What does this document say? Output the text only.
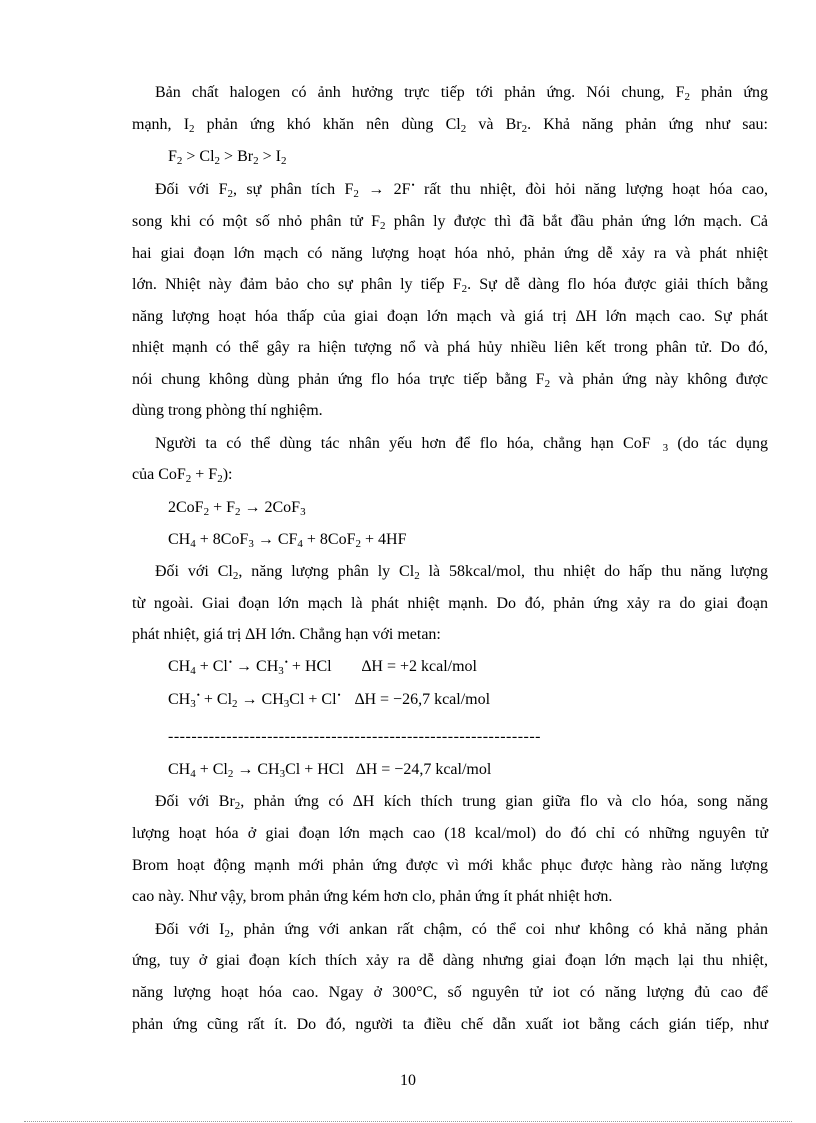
Bản chất halogen có ảnh hưởng trực tiếp tới phản ứng. Nói chung, $F_2$ phản ứng
mạnh, $I_2$ phản ứng khó khăn nên dùng $Cl_2$ và $Br_2$. Khả năng phản ứng như sau:
$F_2 > Cl_2 > Br_2 > I_2$
Đối với $F_2$, sự phân tích $F_2 \to 2F^•$ rất thu nhiệt, đòi hỏi năng lượng hoạt hóa cao,
song khi có một số nhỏ phân tử $F_2$ phân ly được thì đã bắt đầu phản ứng lớn mạch. Cả
hai giai đoạn lớn mạch có năng lượng hoạt hóa nhỏ, phản ứng dễ xảy ra và phát nhiệt
lớn. Nhiệt này đảm bảo cho sự phân ly tiếp $F_2$. Sự dễ dàng flo hóa được giải thích bằng
năng lượng hoạt hóa thấp của giai đoạn lớn mạch và giá trị ∆H lớn mạch cao. Sự phát
nhiệt mạnh có thể gây ra hiện tượng nổ và phá hủy nhiều liên kết trong phân tử. Do đó,
nói chung không dùng phản ứng flo hóa trực tiếp bằng $F_2$ và phản ứng này không được
dùng trong phòng thí nghiệm.
Người ta có thể dùng tác nhân yếu hơn để flo hóa, chẳng hạn CoF $_3$ (do tác dụng
của $CoF_2 + F_2$):
$2CoF_2 + F_2 \to 2CoF_3$
$CH_4 + 8CoF_3 \to CF_4 + 8CoF_2 + 4HF$
Đối với $Cl_2$, năng lượng phân ly $Cl_2$ là 58kcal/mol, thu nhiệt do hấp thu năng lượng
từ ngoài. Giai đoạn lớn mạch là phát nhiệt mạnh. Do đó, phản ứng xảy ra do giai đoạn
phát nhiệt, giá trị ∆H lớn. Chẳng hạn với metan:
$CH_4 + Cl^• \to CH_3^•$ + HCl ∆H = +2 kcal/mol
$CH_3^• + Cl_2 \to CH_3Cl + Cl^•$ ∆H = −26,7 kcal/mol
----------------------------------------------------------------
$CH_4 + Cl_2 \to CH_3Cl$ + HCl ∆H = −24,7 kcal/mol
Đối với $Br_2$, phản ứng có ∆H kích thích trung gian giữa flo và clo hóa, song năng
lượng hoạt hóa ở giai đoạn lớn mạch cao (18 kcal/mol) do đó chỉ có những nguyên tử
Brom hoạt động mạnh mới phản ứng được vì mới khắc phục được hàng rào năng lượng
cao này. Như vậy, brom phản ứng kém hơn clo, phản ứng ít phát nhiệt hơn.
Đối với $I_2$, phản ứng với ankan rất chậm, có thể coi như không có khả năng phản
ứng, tuy ở giai đoạn kích thích xảy ra dễ dàng nhưng giai đoạn lớn mạch lại thu nhiệt,
năng lượng hoạt hóa cao. Ngay ở 300°C, số nguyên tử iot có năng lượng đủ cao để
phản ứng cũng rất ít. Do đó, người ta điều chế dẫn xuất iot bằng cách gián tiếp, như
10
